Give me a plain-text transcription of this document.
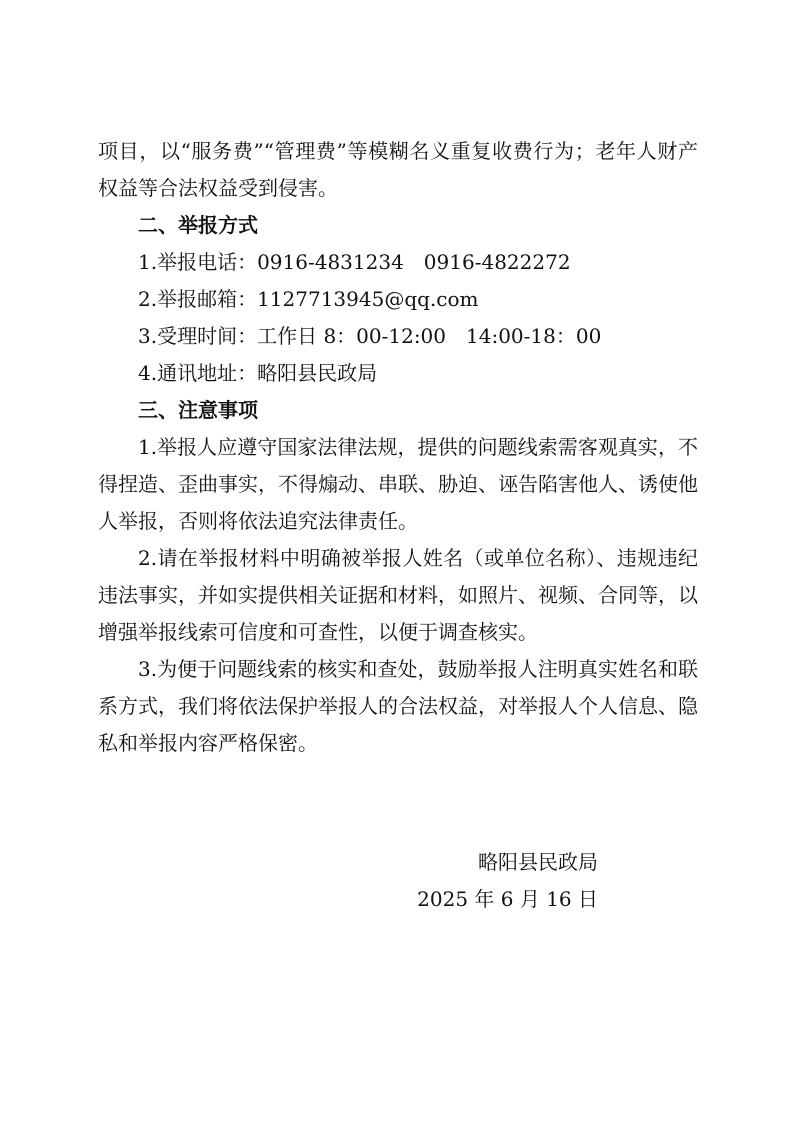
项目，以“服务费”“管理费”等模糊名义重复收费行为；老年人财产权益等合法权益受到侵害。

二、举报方式

1.举报电话：0916-4831234　0916-4822272

2.举报邮箱：1127713945@qq.com

3.受理时间：工作日 8：00-12:00　14:00-18：00

4.通讯地址：略阳县民政局

三、注意事项

1.举报人应遵守国家法律法规，提供的问题线索需客观真实，不得捏造、歪曲事实，不得煽动、串联、胁迫、诬告陷害他人、诱使他人举报，否则将依法追究法律责任。

2.请在举报材料中明确被举报人姓名（或单位名称）、违规违纪违法事实，并如实提供相关证据和材料，如照片、视频、合同等，以增强举报线索可信度和可查性，以便于调查核实。

3.为便于问题线索的核实和查处，鼓励举报人注明真实姓名和联系方式，我们将依法保护举报人的合法权益，对举报人个人信息、隐私和举报内容严格保密。

略阳县民政局
2025 年 6 月 16 日
